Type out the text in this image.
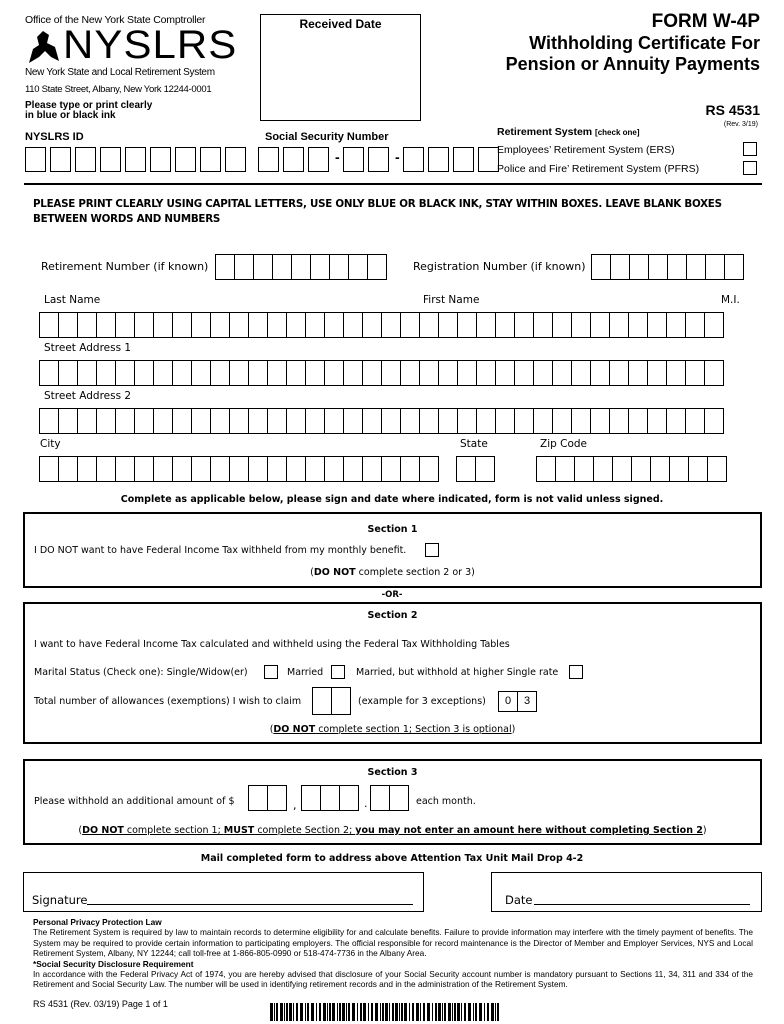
Office of the New York State Comptroller
NYSLRS
New York State and Local Retirement System
110 State Street, Albany, New York 12244-0001
Please type or print clearly
in blue or black ink
Received Date	FORM W-4P
Withholding Certificate For
Pension or Annuity Payments
RS 4531
(Rev. 3/19)
NYSLRS ID	Social Security Number
-	-
Retirement System [check one]
Employees’ Retirement System (ERS)
Police and Fire’ Retirement System (PFRS)
PLEASE PRINT CLEARLY USING CAPITAL LETTERS, USE ONLY BLUE OR BLACK INK, STAY WITHIN BOXES. LEAVE BLANK BOXES
BETWEEN WORDS AND NUMBERS
Retirement Number (if known)	Registration Number (if known)
Last Name	First Name	M.I.
Street Address 1
Street Address 2
City	State	Zip Code
Complete as applicable below, please sign and date where indicated, form is not valid unless signed.
Section 1
I DO NOT want to have Federal Income Tax withheld from my monthly benefit.
(DO NOT complete section 2 or 3)
-OR-
Section 2
I want to have Federal Income Tax calculated and withheld using the Federal Tax Withholding Tables
Marital Status (Check one): Single/Widow(er)	Married	Married, but withhold at higher Single rate
Total number of allowances (exemptions) I wish to claim	(example for 3 exceptions)	0	3
(DO NOT complete section 1; Section 3 is optional)
Section 3
Please withhold an additional amount of $	,	.	each month.
(DO NOT complete section 1; MUST complete Section 2; you may not enter an amount here without completing Section 2)
Mail completed form to address above Attention Tax Unit Mail Drop 4-2
Signature	Date
Personal Privacy Protection Law
The Retirement System is required by law to maintain records to determine eligibility for and calculate benefits. Failure to provide information may interfere with the timely payment of benefits. The System may be required to provide certain information to participating employers. The official responsible for record maintenance is the Director of Member and Employer Services, NYS and Local Retirement System, Albany, NY 12244; call toll-free at 1-866-805-0990 or 518-474-7736 in the Albany Area.
*Social Security Disclosure Requirement
In accordance with the Federal Privacy Act of 1974, you are hereby advised that disclosure of your Social Security account number is mandatory pursuant to Sections 11, 34, 311 and 334 of the Retirement and Social Security Law. The number will be used in identifying retirement records and in the administration of the Retirement System.
RS 4531 (Rev. 03/19) Page 1 of 1
